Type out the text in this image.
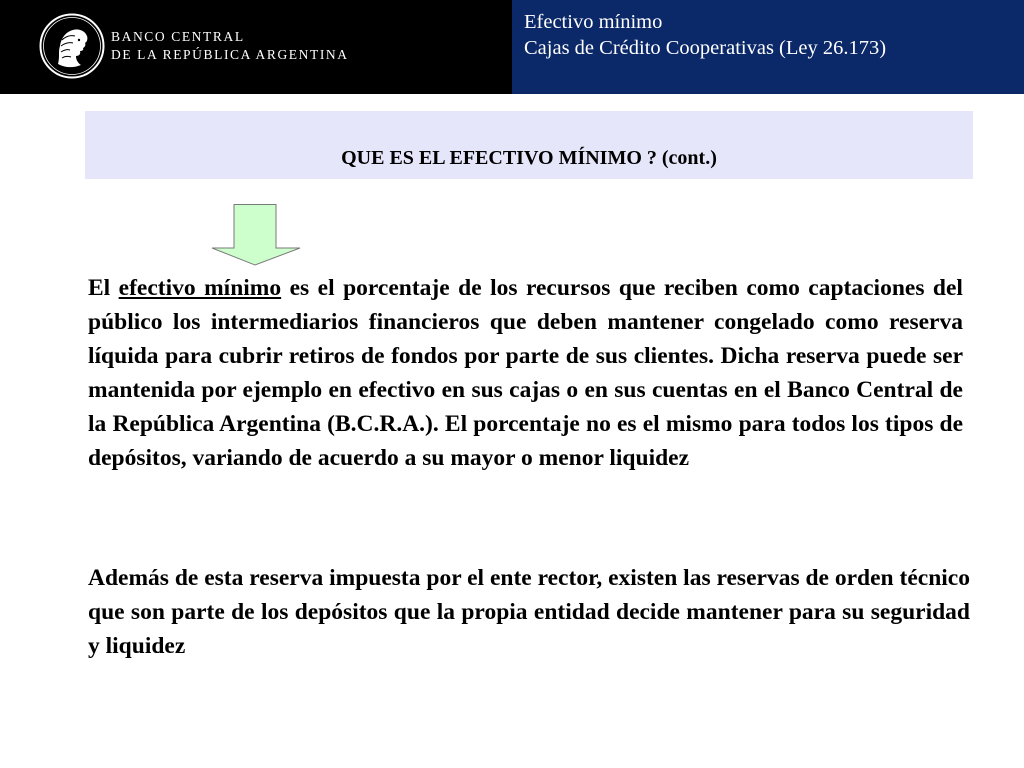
BANCO CENTRAL
DE LA REPÚBLICA ARGENTINA
Efectivo mínimo
Cajas de Crédito Cooperativas (Ley 26.173)
QUE ES EL EFECTIVO MÍNIMO ? (cont.)

El efectivo mínimo es el porcentaje de los recursos que reciben como captaciones del público los intermediarios financieros que deben mantener congelado como reserva líquida para cubrir retiros de fondos por parte de sus clientes. Dicha reserva puede ser mantenida por ejemplo en efectivo en sus cajas o en sus cuentas en el Banco Central de la República Argentina (B.C.R.A.). El porcentaje no es el mismo para todos los tipos de depósitos, variando de acuerdo a su mayor o menor liquidez

Además de esta reserva impuesta por el ente rector, existen las reservas de orden técnico que son parte de los depósitos que la propia entidad decide mantener para su seguridad y liquidez
